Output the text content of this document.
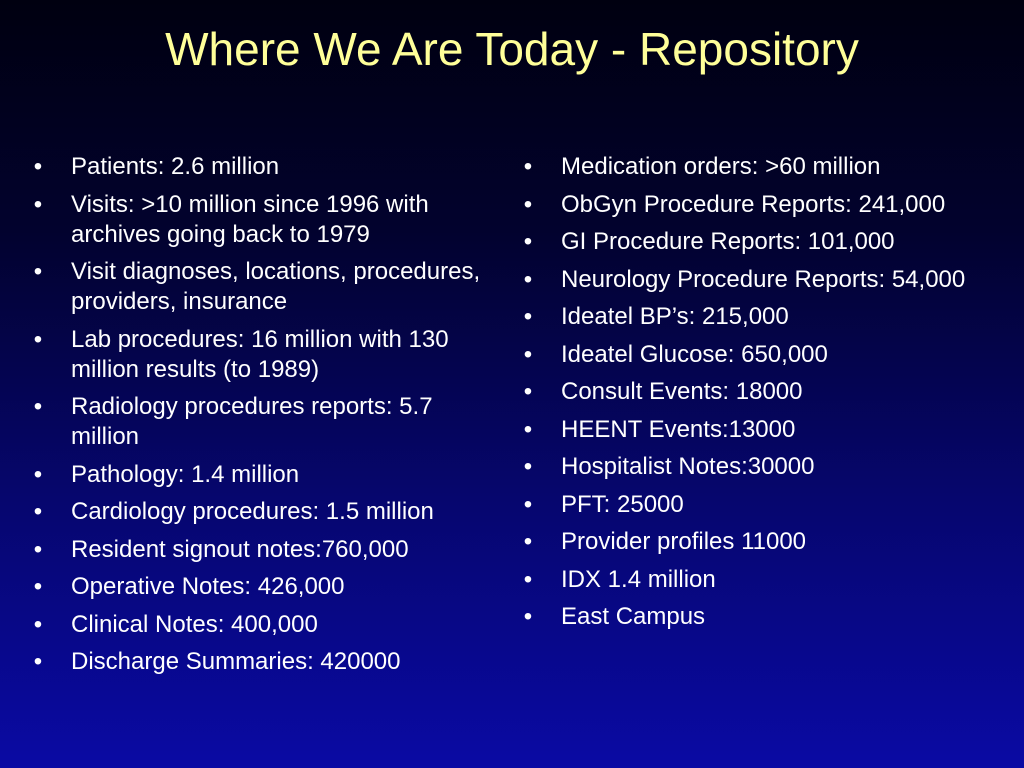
Where We Are Today - Repository
• Patients: 2.6 million
• Visits: >10 million since 1996 with archives going back to 1979
• Visit diagnoses, locations, procedures, providers, insurance
• Lab procedures: 16 million with 130 million results (to 1989)
• Radiology procedures reports: 5.7 million
• Pathology: 1.4 million
• Cardiology procedures: 1.5 million
• Resident signout notes:760,000
• Operative Notes: 426,000
• Clinical Notes: 400,000
• Discharge Summaries: 420000
• Medication orders: >60 million
• ObGyn Procedure Reports: 241,000
• GI Procedure Reports: 101,000
• Neurology Procedure Reports: 54,000
• Ideatel BP’s: 215,000
• Ideatel Glucose: 650,000
• Consult Events: 18000
• HEENT Events:13000
• Hospitalist Notes:30000
• PFT: 25000
• Provider profiles 11000
• IDX 1.4 million
• East Campus
